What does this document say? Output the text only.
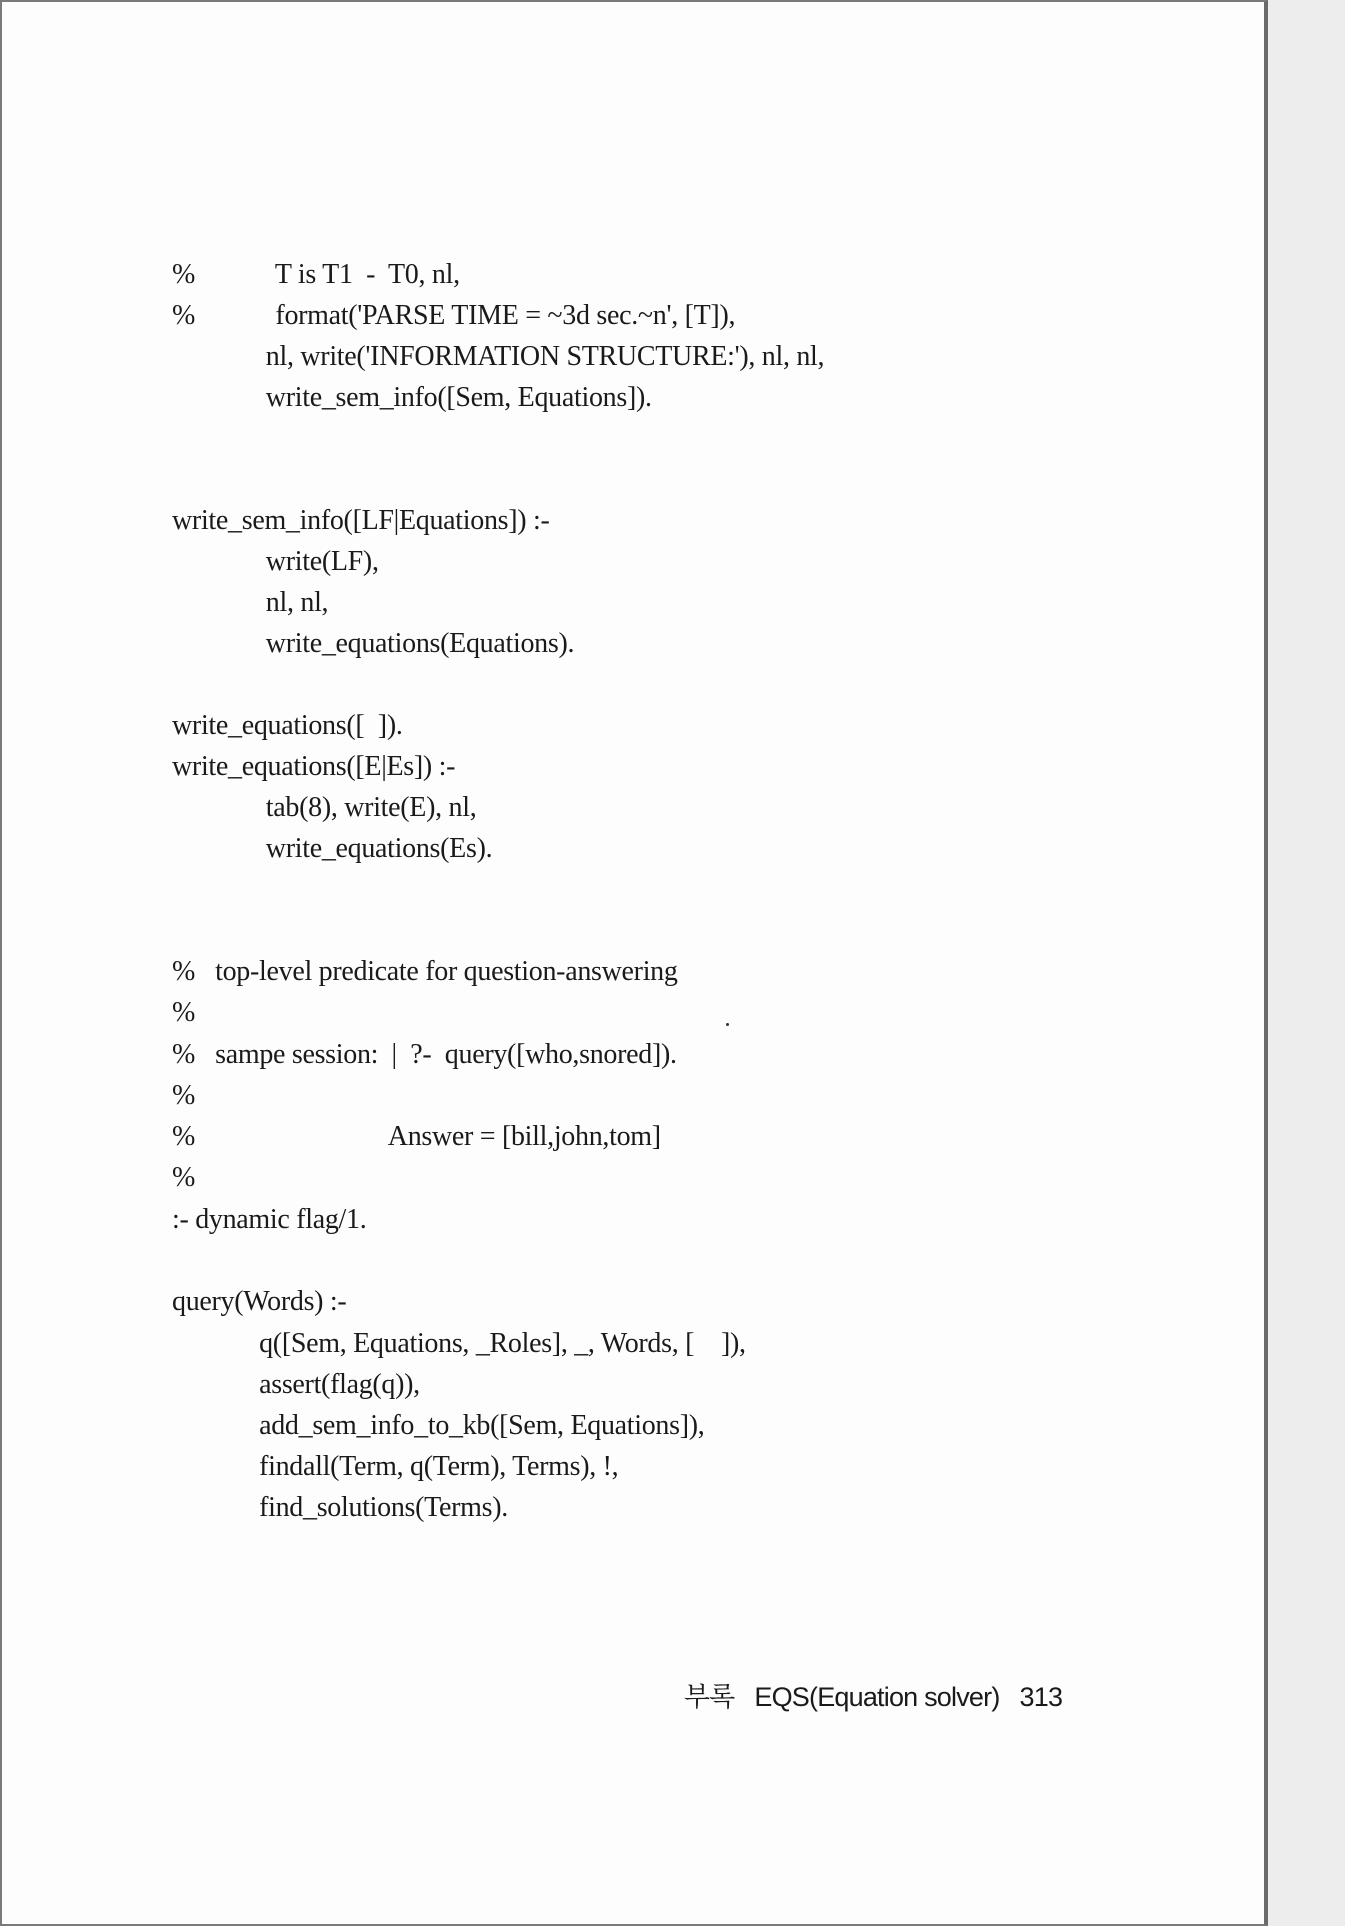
%            T is T1  -  T0, nl,
%            format('PARSE TIME = ~3d sec.~n', [T]),
nl, write('INFORMATION STRUCTURE:'), nl, nl,
write_sem_info([Sem, Equations]).
write_sem_info([LF|Equations]) :-
write(LF),
nl, nl,
write_equations(Equations).
write_equations([  ]).
write_equations([E|Es]) :-
tab(8), write(E), nl,
write_equations(Es).
%   top-level predicate for question-answering
%
%   sampe session:  |  ?-  query([who,snored]).
%
%                             Answer = [bill,john,tom]
%
:- dynamic flag/1.
query(Words) :-
q([Sem, Equations, _Roles], _, Words, [    ]),
assert(flag(q)),
add_sem_info_to_kb([Sem, Equations]),
findall(Term, q(Term), Terms), !,
find_solutions(Terms).

부록 EQS(Equation solver) 313
